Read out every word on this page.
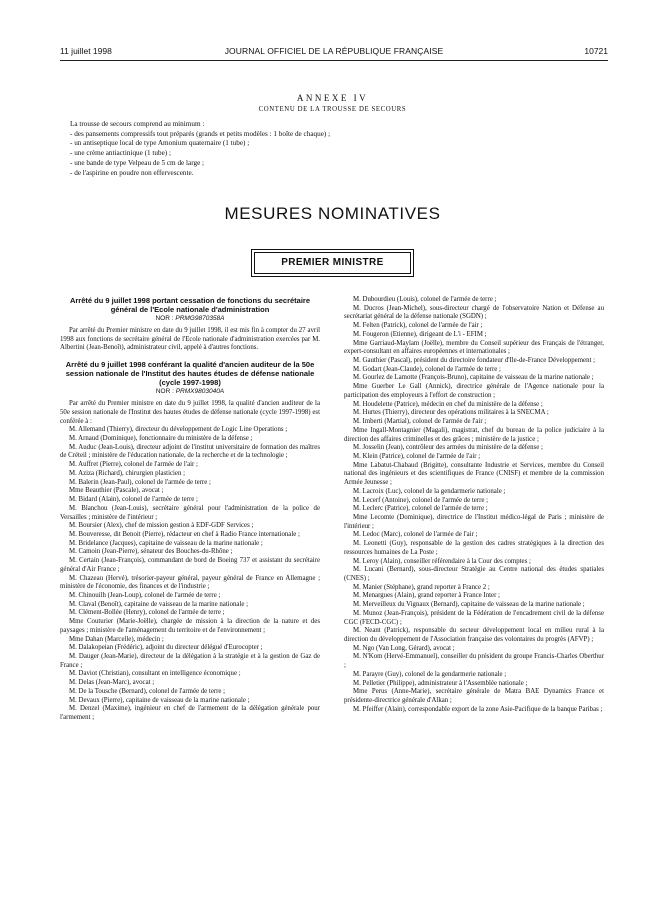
11 juillet 1998	JOURNAL OFFICIEL DE LA RÉPUBLIQUE FRANÇAISE	10721
ANNEXE IV
CONTENU DE LA TROUSSE DE SECOURS
La trousse de secours comprend au minimum :
- des pansements compressifs tout préparés (grands et petits modèles : 1 boîte de chaque) ;
- un antiseptique local de type Amonium quaternaire (1 tube) ;
- une crème antiactinique (1 tube) ;
- une bande de type Velpeau de 5 cm de large ;
- de l'aspirine en poudre non effervescente.
MESURES NOMINATIVES
PREMIER MINISTRE

Arrêté du 9 juillet 1998 portant cessation de fonctions du secrétaire général de l'Ecole nationale d'administration

NOR : PRMG9870358A

Par arrêté du Premier ministre en date du 9 juillet 1998, il est mis fin à compter du 27 avril 1998 aux fonctions de secrétaire général de l'Ecole nationale d'administration exercées par M. Albertini (Jean-Benoît), administrateur civil, appelé à d'autres fonctions.

Arrêté du 9 juillet 1998 conférant la qualité d'ancien auditeur de la 50e session nationale de l'Institut des hautes études de défense nationale (cycle 1997-1998)

NOR : PRMX9803040A

Par arrêté du Premier ministre en date du 9 juillet 1998, la qualité d'ancien auditeur de la 50e session nationale de l'Institut des hautes études de défense nationale (cycle 1997-1998) est conférée à :

M. Allemand (Thierry), directeur du développement de Logic Line Operations ;

M. Arnaud (Dominique), fonctionnaire du ministère de la défense ;

M. Auduc (Jean-Louis), directeur adjoint de l'institut universitaire de formation des maîtres de Créteil ; ministère de l'éducation nationale, de la recherche et de la technologie ;

M. Auffret (Pierre), colonel de l'armée de l'air ;

M. Aziza (Richard), chirurgien plasticien ;

M. Balerin (Jean-Paul), colonel de l'armée de terre ;

Mme Beauthier (Pascale), avocat ;

M. Bidard (Alain), colonel de l'armée de terre ;

M. Blanchou (Jean-Louis), secrétaire général pour l'administration de la police de Versailles ; ministère de l'intérieur ;

M. Boursier (Alex), chef de mission gestion à EDF-GDF Services ;

M. Bouveresse, dit Benoit (Pierre), rédacteur en chef à Radio France internationale ;

M. Bridelance (Jacques), capitaine de vaisseau de la marine nationale ;

M. Camoin (Jean-Pierre), sénateur des Bouches-du-Rhône ;

M. Certain (Jean-François), commandant de bord de Boeing 737 et assistant du secrétaire général d'Air France ;

M. Chazeau (Hervé), trésorier-payeur général, payeur général de France en Allemagne ; ministère de l'économie, des finances et de l'industrie ;

M. Chinouilh (Jean-Loup), colonel de l'armée de terre ;

M. Claval (Benoît), capitaine de vaisseau de la marine nationale ;

M. Clément-Bollée (Henry), colonel de l'armée de terre ;

Mme Couturier (Marie-Joëlle), chargée de mission à la direction de la nature et des paysages ; ministère de l'aménagement du territoire et de l'environnement ;

Mme Dahan (Marcelle), médecin ;

M. Dalakopeian (Frédéric), adjoint du directeur délégué d'Eurocopter ;

M. Dauger (Jean-Marie), directeur de la délégation à la stratégie et à la gestion de Gaz de France ;

M. Daviot (Christian), consultant en intelligence économique ;

M. Delas (Jean-Marc), avocat ;

M. De la Tousche (Bernard), colonel de l'armée de terre ;

M. Devaux (Pierre), capitaine de vaisseau de la marine nationale ;

M. Denzel (Maxime), ingénieur en chef de l'armement de la délégation générale pour l'armement ;

M. Dubourdieu (Louis), colonel de l'armée de terre ;

M. Ducros (Jean-Michel), sous-directeur chargé de l'observatoire Nation et Défense au secrétariat général de la défense nationale (SGDN) ;

M. Felten (Patrick), colonel de l'armée de l'air ;

M. Fougeron (Etienne), dirigeant de L'i - EFIM ;

Mme Garriaud-Maylam (Joëlle), membre du Conseil supérieur des Français de l'étranger, expert-consultant en affaires européennes et internationales ;

M. Gauthier (Pascal), président du directoire fondateur d'Ile-de-France Développement ;

M. Godart (Jean-Claude), colonel de l'armée de terre ;

M. Gourlez de Lamotte (François-Bruno), capitaine de vaisseau de la marine nationale ;

Mme Guerber Le Gall (Annick), directrice générale de l'Agence nationale pour la participation des employeurs à l'effort de construction ;

M. Houdelette (Patrice), médecin en chef du ministère de la défense ;

M. Hurtes (Thierry), directeur des opérations militaires à la SNECMA ;

M. Imberti (Martial), colonel de l'armée de l'air ;

Mme Ingall-Montagnier (Magali), magistrat, chef du bureau de la police judiciaire à la direction des affaires criminelles et des grâces ; ministère de la justice ;

M. Josselin (Jean), contrôleur des armées du ministère de la défense ;

M. Klein (Patrice), colonel de l'armée de l'air ;

Mme Labatut-Chabaud (Brigitte), consultante Industrie et Services, membre du Conseil national des ingénieurs et des scientifiques de France (CNISF) et membre de la commission Armée Jeunesse ;

M. Lacroix (Luc), colonel de la gendarmerie nationale ;

M. Lecerf (Antoine), colonel de l'armée de terre ;

M. Leclerc (Patrice), colonel de l'armée de terre ;

Mme Lecomte (Dominique), directrice de l'Institut médico-légal de Paris ; ministère de l'intérieur ;

M. Ledoc (Marc), colonel de l'armée de l'air ;

M. Leonetti (Guy), responsable de la gestion des cadres stratégiques à la direction des ressources humaines de La Poste ;

M. Leroy (Alain), conseiller référendaire à la Cour des comptes ;

M. Lucani (Bernard), sous-directeur Stratégie au Centre national des études spatiales (CNES) ;

M. Manier (Stéphane), grand reporter à France 2 ;

M. Menargues (Alain), grand reporter à France Inter ;

M. Merveilleux du Vignaux (Bernard), capitaine de vaisseau de la marine nationale ;

M. Munoz (Jean-François), président de la Fédération de l'encadrement civil de la défense CGC (FECD-CGC) ;

M. Neant (Patrick), responsable du secteur développement local en milieu rural à la direction du développement de l'Association française des volontaires du progrès (AFVP) ;

M. Ngo (Van Long, Gérard), avocat ;

M. N'Kom (Hervé-Emmanuel), conseiller du président du groupe Francis-Charles Oberthur ;

M. Parayre (Guy), colonel de la gendarmerie nationale ;

M. Pelletier (Philippe), administrateur à l'Assemblée nationale ;

Mme Perus (Anne-Marie), secrétaire générale de Matra BAE Dynamics France et présidente-directrice générale d'Alkan ;

M. Pfeiffer (Alain), correspondable export de la zone Asie-Pacifique de la banque Paribas ;
